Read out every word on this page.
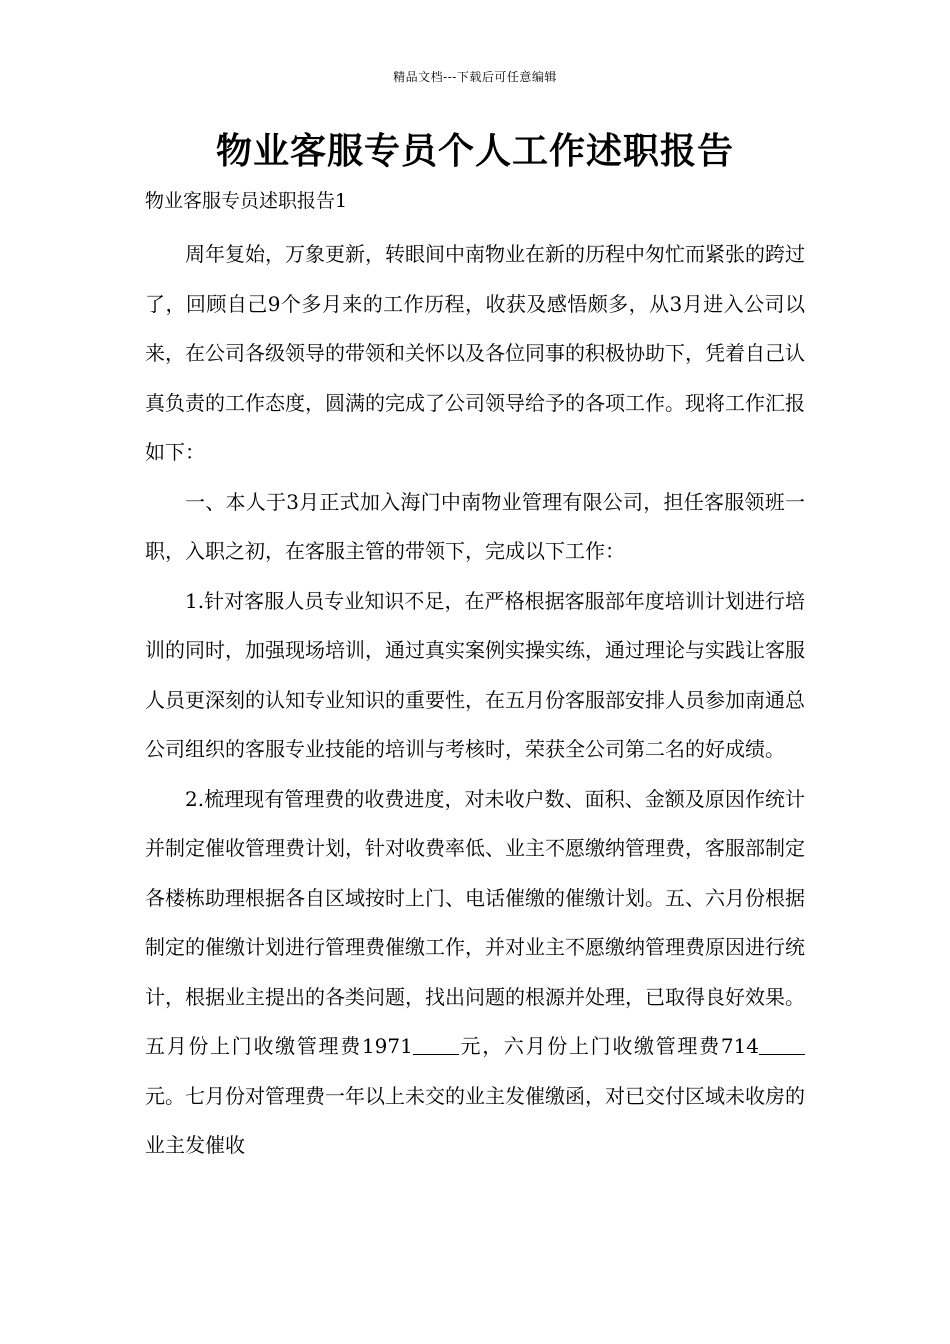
精品文档---下载后可任意编辑
物业客服专员个人工作述职报告
物业客服专员述职报告1

周年复始，万象更新，转眼间中南物业在新的历程中匆忙而紧张的跨过了，回顾自己9个多月来的工作历程，收获及感悟颇多，从3月进入公司以来，在公司各级领导的带领和关怀以及各位同事的积极协助下，凭着自己认真负责的工作态度，圆满的完成了公司领导给予的各项工作。现将工作汇报如下：

一、本人于3月正式加入海门中南物业管理有限公司，担任客服领班一职，入职之初，在客服主管的带领下，完成以下工作：

1.针对客服人员专业知识不足，在严格根据客服部年度培训计划进行培训的同时，加强现场培训，通过真实案例实操实练，通过理论与实践让客服人员更深刻的认知专业知识的重要性，在五月份客服部安排人员参加南通总公司组织的客服专业技能的培训与考核时，荣获全公司第二名的好成绩。

2.梳理现有管理费的收费进度，对未收户数、面积、金额及原因作统计并制定催收管理费计划，针对收费率低、业主不愿缴纳管理费，客服部制定各楼栋助理根据各自区域按时上门、电话催缴的催缴计划。五、六月份根据制定的催缴计划进行管理费催缴工作，并对业主不愿缴纳管理费原因进行统计，根据业主提出的各类问题，找出问题的根源并处理，已取得良好效果。五月份上门收缴管理费1971 元，六月份上门收缴管理费714元。七月份对管理费一年以上未交的业主发催缴函，对已交付区域未收房的业主发催收
